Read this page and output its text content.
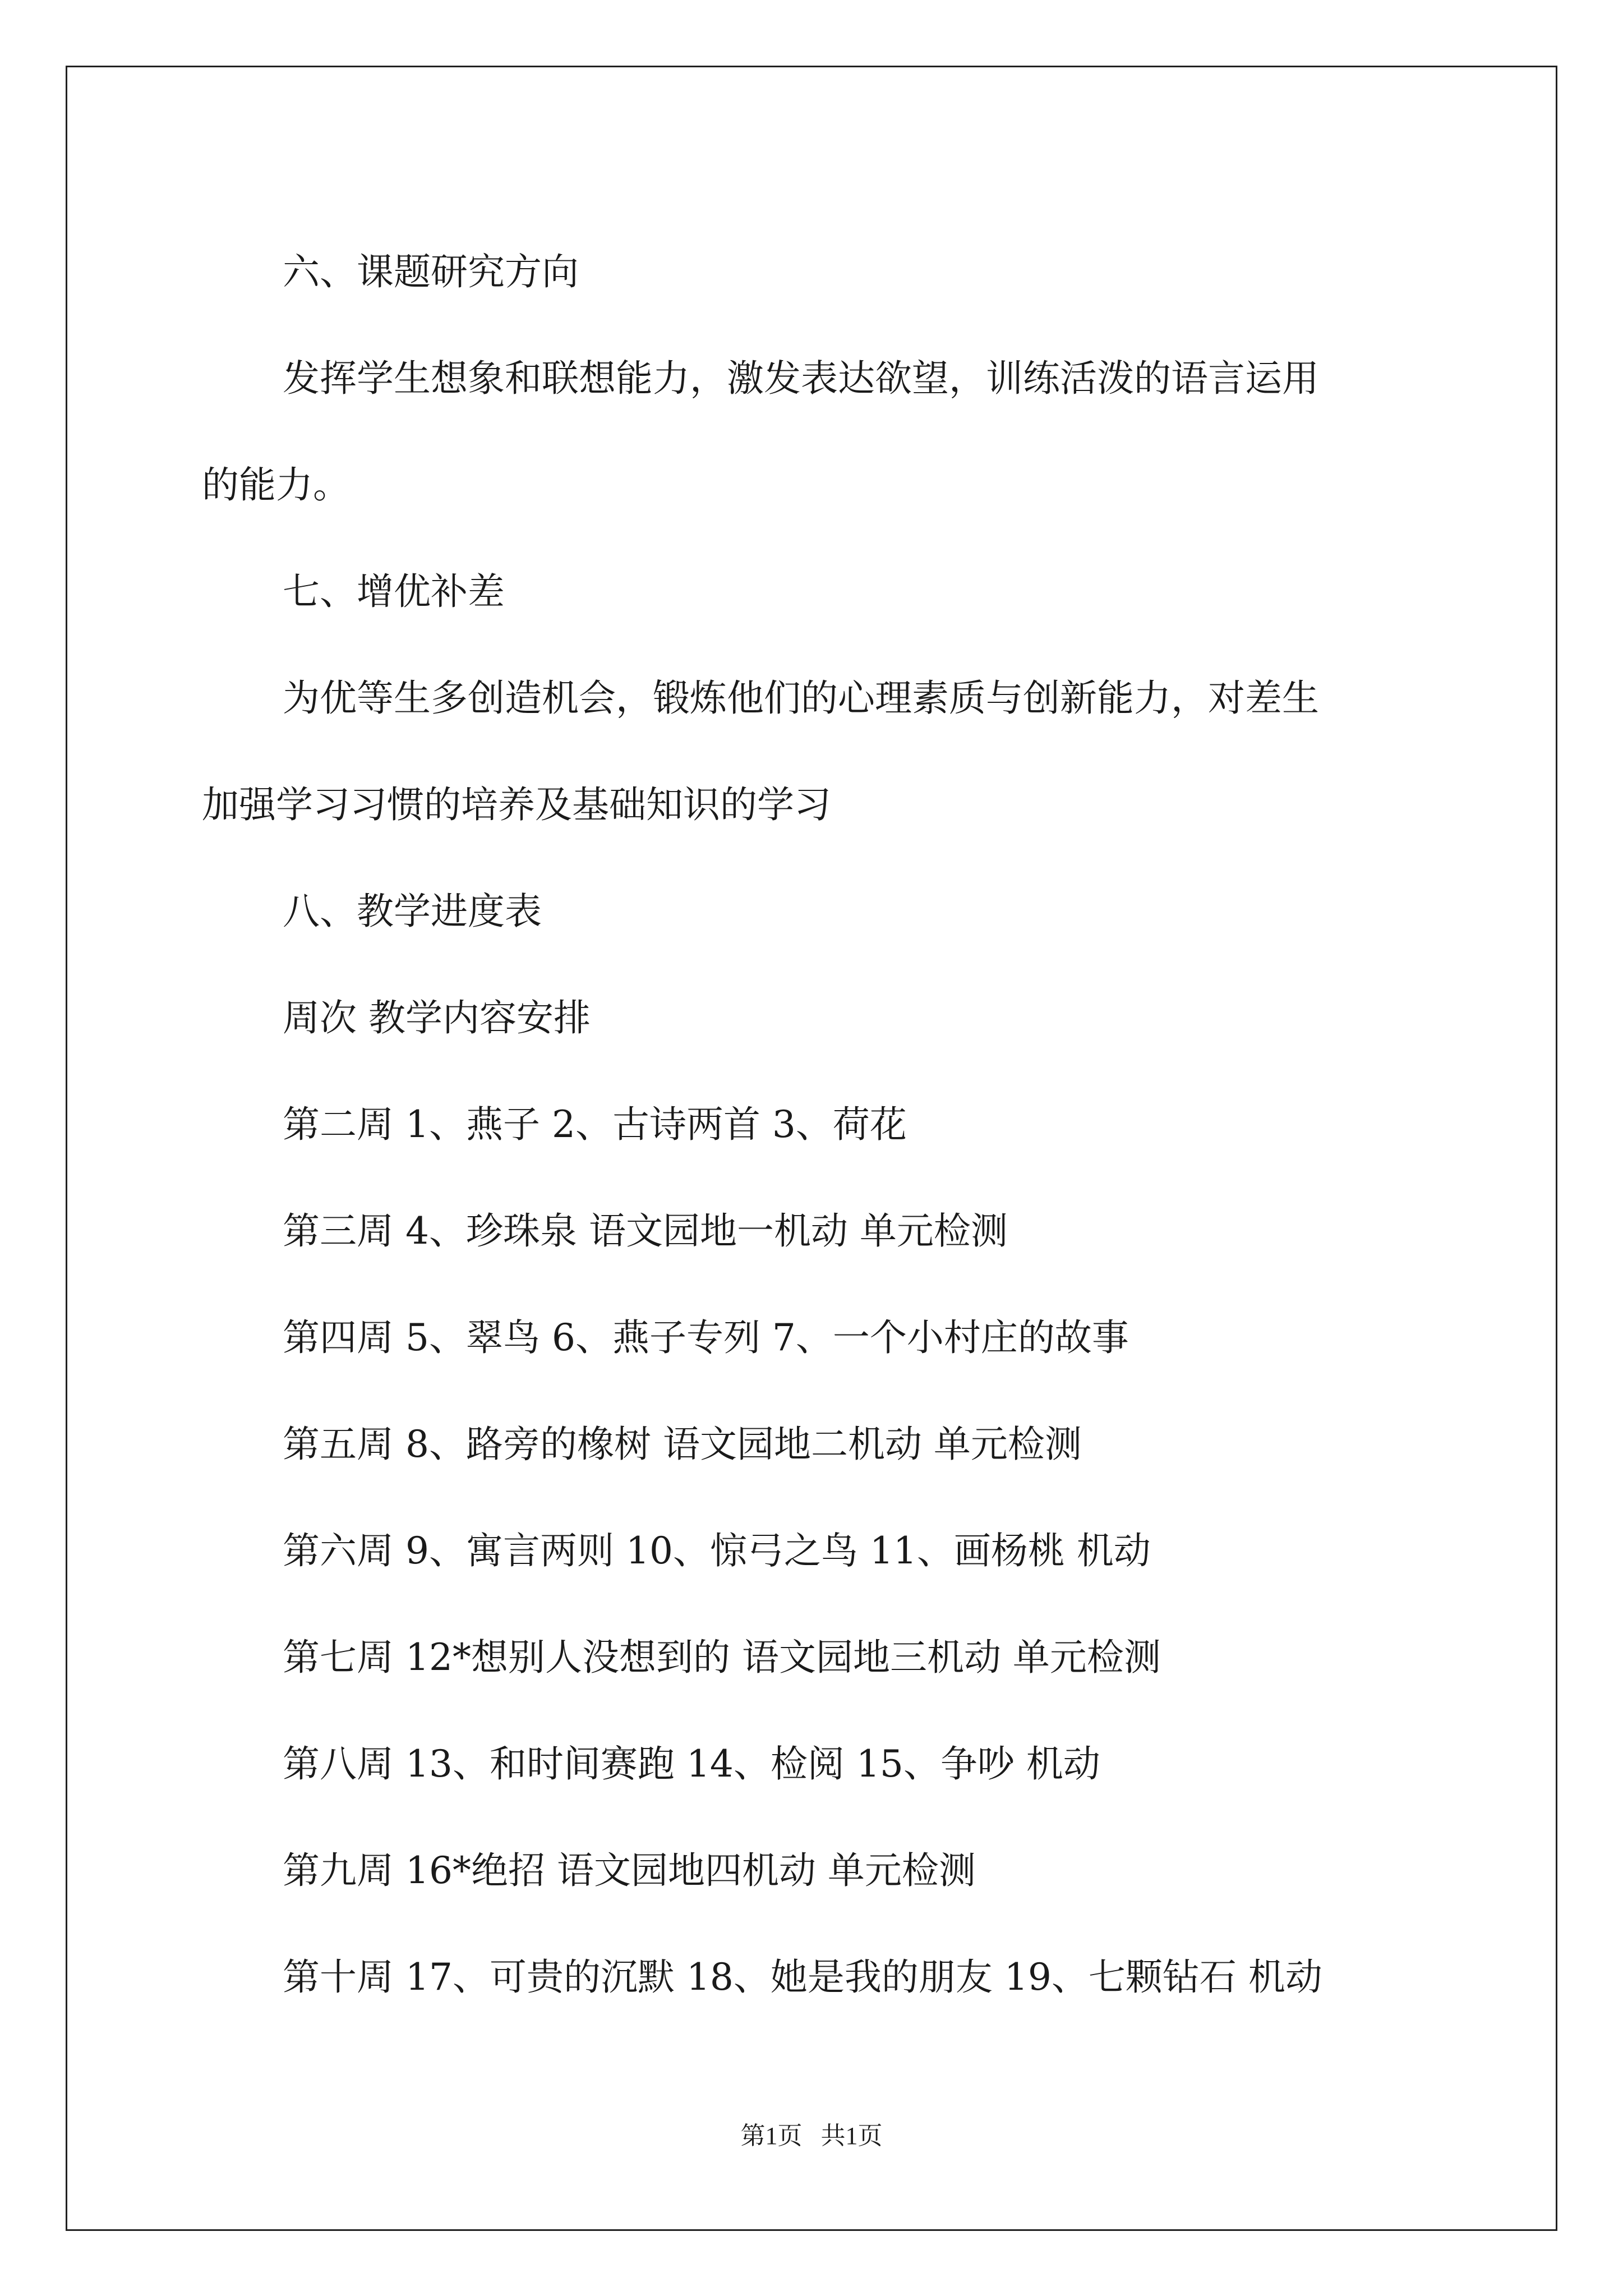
六、课题研究方向

发挥学生想象和联想能力，激发表达欲望，训练活泼的语言运用

的能力。

七、增优补差

为优等生多创造机会，锻炼他们的心理素质与创新能力，对差生

加强学习习惯的培养及基础知识的学习

八、教学进度表

周次 教学内容安排

第二周 1、燕子 2、古诗两首 3、荷花

第三周 4、珍珠泉 语文园地一机动 单元检测

第四周 5、翠鸟 6、燕子专列 7、一个小村庄的故事

第五周 8、路旁的橡树 语文园地二机动 单元检测

第六周 9、寓言两则 10、惊弓之鸟 11、画杨桃 机动

第七周 12*想别人没想到的 语文园地三机动 单元检测

第八周 13、和时间赛跑 14、检阅 15、争吵 机动

第九周 16*绝招 语文园地四机动 单元检测

第十周 17、可贵的沉默 18、她是我的朋友 19、七颗钻石 机动

第1页   共1页
